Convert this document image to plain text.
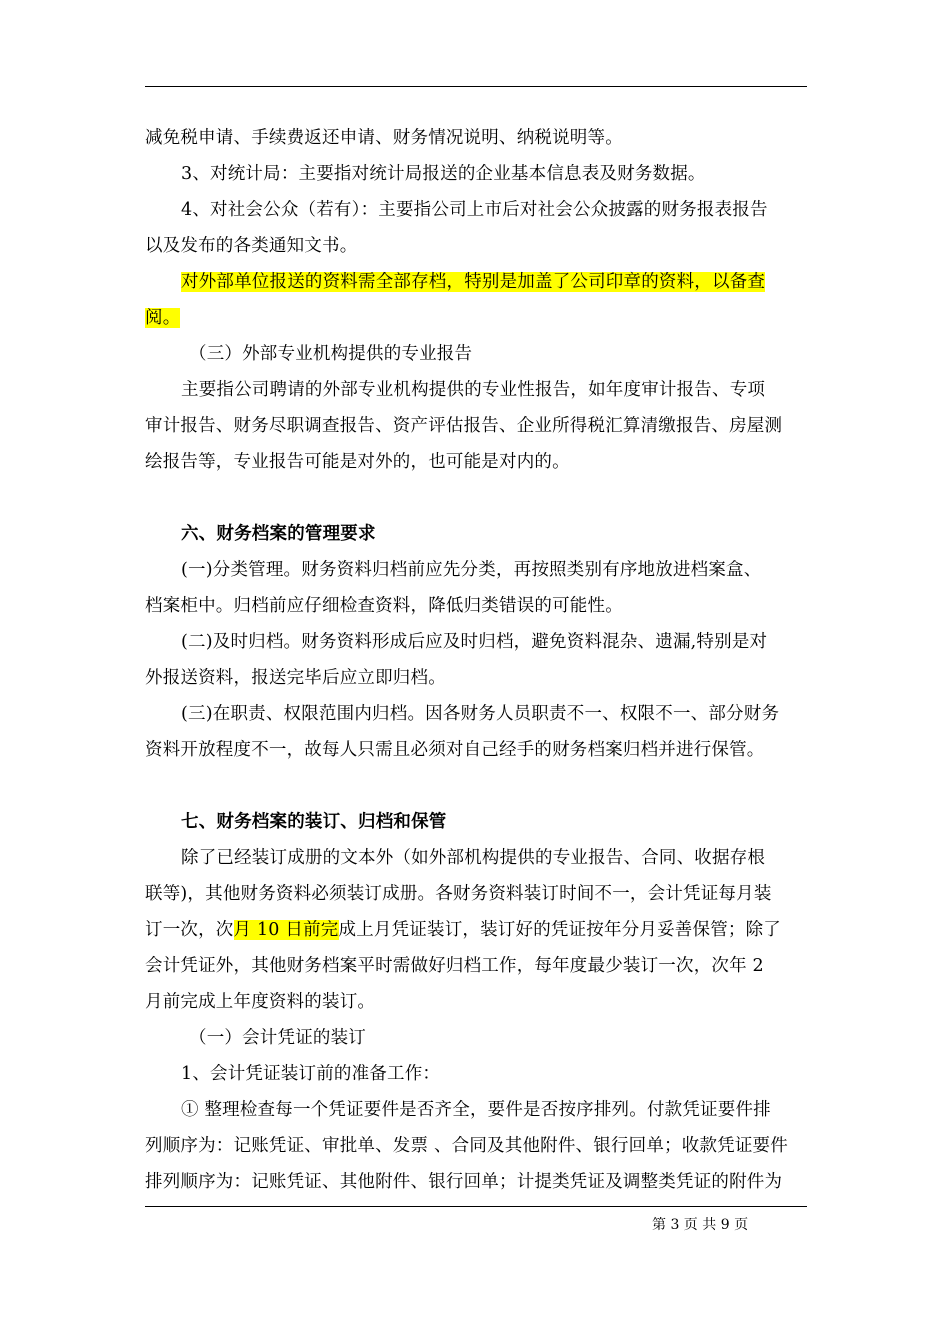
减免税申请、手续费返还申请、财务情况说明、纳税说明等。
3、对统计局：主要指对统计局报送的企业基本信息表及财务数据。
4、对社会公众（若有）：主要指公司上市后对社会公众披露的财务报表报告
以及发布的各类通知文书。
对外部单位报送的资料需全部存档，特别是加盖了公司印章的资料，以备查
阅。
（三）外部专业机构提供的专业报告
主要指公司聘请的外部专业机构提供的专业性报告，如年度审计报告、专项
审计报告、财务尽职调查报告、资产评估报告、企业所得税汇算清缴报告、房屋测
绘报告等，专业报告可能是对外的，也可能是对内的。
六、财务档案的管理要求
(一)分类管理。财务资料归档前应先分类，再按照类别有序地放进档案盒、
档案柜中。归档前应仔细检查资料，降低归类错误的可能性。
(二)及时归档。财务资料形成后应及时归档，避免资料混杂、遗漏,特别是对
外报送资料，报送完毕后应立即归档。
(三)在职责、权限范围内归档。因各财务人员职责不一、权限不一、部分财务
资料开放程度不一，故每人只需且必须对自己经手的财务档案归档并进行保管。
七、财务档案的装订、归档和保管
除了已经装订成册的文本外（如外部机构提供的专业报告、合同、收据存根
联等)，其他财务资料必须装订成册。各财务资料装订时间不一，会计凭证每月装
订一次，次月 10 日前完成上月凭证装订，装订好的凭证按年分月妥善保管；除了
会计凭证外，其他财务档案平时需做好归档工作，每年度最少装订一次，次年 2
月前完成上年度资料的装订。
（一）会计凭证的装订
1、会计凭证装订前的准备工作：
① 整理检查每一个凭证要件是否齐全，要件是否按序排列。付款凭证要件排
列顺序为：记账凭证、审批单、发票 、合同及其他附件、银行回单；收款凭证要件
排列顺序为：记账凭证、其他附件、银行回单；计提类凭证及调整类凭证的附件为
第 3 页 共 9 页
